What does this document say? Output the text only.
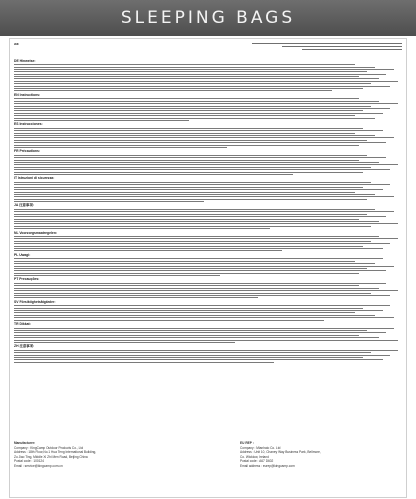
SLEEPING BAGS
AR
DE Hinweise:
EN Instructions:
ES Instrucciones:
FR Précautions:
IT Istruzioni di sicurezza:
JA 注意事項:
NL Voorzorgsmaatregelen:
PL Uwagi:
PT Precauções:
SV Försiktighetsåtgärder:
TR Dikkat:
ZH 注意事项:
Manufacturer:
Company : KingCamp Outdoor Products Co., Ltd
Address : 18th Floor,No.1 Hua Teng International Building,
Zu Jiao Ting, Middle Xi Zhi Men Road, Beijing China
Postal code : 100124
Email : service@kingcamp.com.cn
EU REP :
Company : Mianhaio Co. Ltd
Address : Unit 10, Chaney Way Business Park, Bellmore,
Co. Wicklow, Ireland
Postal code : A67 D602
Email address : eurep@kingcamp.com
